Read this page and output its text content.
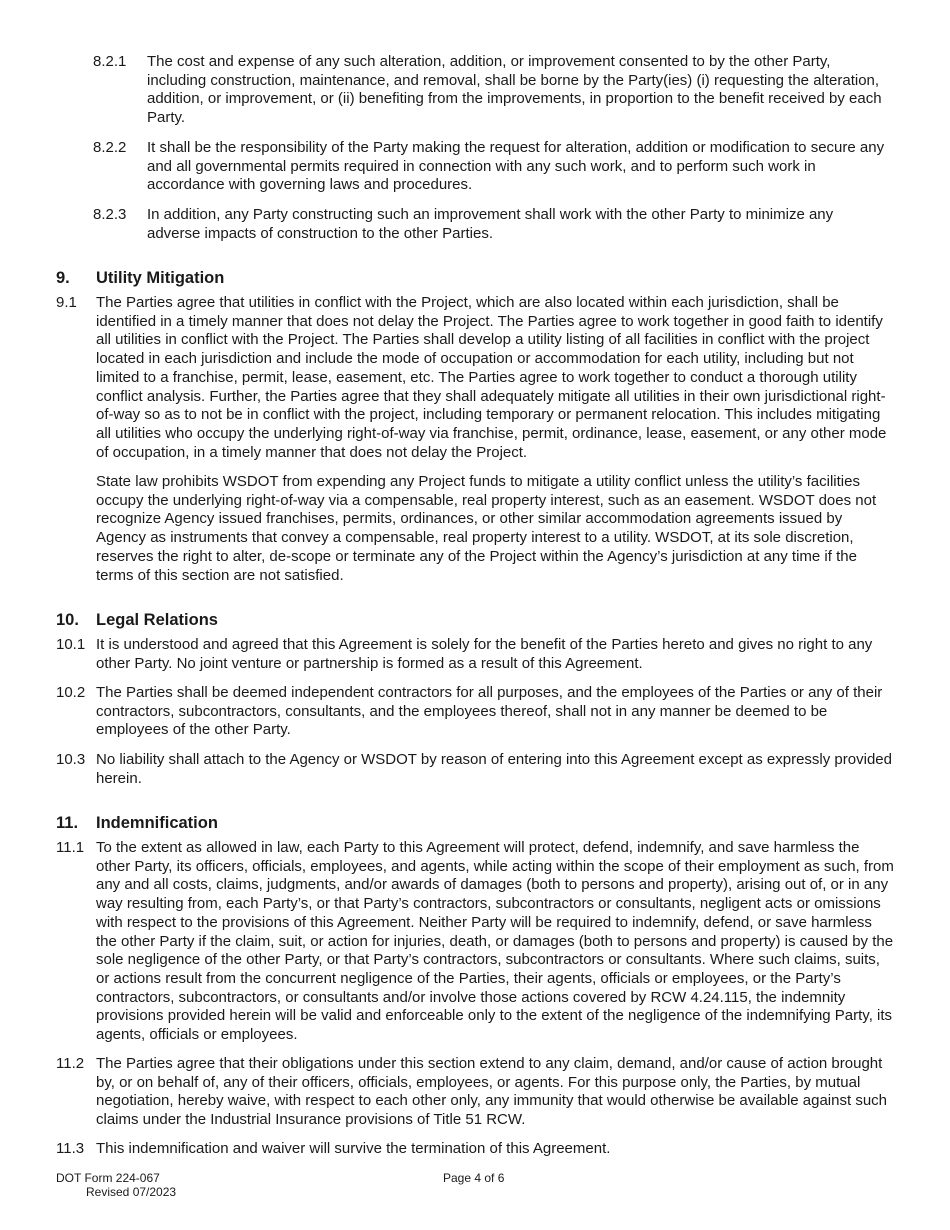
8.2.1 The cost and expense of any such alteration, addition, or improvement consented to by the other Party, including construction, maintenance, and removal, shall be borne by the Party(ies) (i) requesting the alteration, addition, or improvement, or (ii) benefiting from the improvements, in proportion to the benefit received by each Party.
8.2.2 It shall be the responsibility of the Party making the request for alteration, addition or modification to secure any and all governmental permits required in connection with any such work, and to perform such work in accordance with governing laws and procedures.
8.2.3 In addition, any Party constructing such an improvement shall work with the other Party to minimize any adverse impacts of construction to the other Parties.
9. Utility Mitigation
9.1 The Parties agree that utilities in conflict with the Project, which are also located within each jurisdiction, shall be identified in a timely manner that does not delay the Project. The Parties agree to work together in good faith to identify all utilities in conflict with the Project. The Parties shall develop a utility listing of all facilities in conflict with the project located in each jurisdiction and include the mode of occupation or accommodation for each utility, including but not limited to a franchise, permit, lease, easement, etc. The Parties agree to work together to conduct a thorough utility conflict analysis. Further, the Parties agree that they shall adequately mitigate all utilities in their own jurisdictional right-of-way so as to not be in conflict with the project, including temporary or permanent relocation. This includes mitigating all utilities who occupy the underlying right-of-way via franchise, permit, ordinance, lease, easement, or any other mode of occupation, in a timely manner that does not delay the Project.
State law prohibits WSDOT from expending any Project funds to mitigate a utility conflict unless the utility’s facilities occupy the underlying right-of-way via a compensable, real property interest, such as an easement. WSDOT does not recognize Agency issued franchises, permits, ordinances, or other similar accommodation agreements issued by Agency as instruments that convey a compensable, real property interest to a utility. WSDOT, at its sole discretion, reserves the right to alter, de-scope or terminate any of the Project within the Agency’s jurisdiction at any time if the terms of this section are not satisfied.
10. Legal Relations
10.1 It is understood and agreed that this Agreement is solely for the benefit of the Parties hereto and gives no right to any other Party. No joint venture or partnership is formed as a result of this Agreement.
10.2 The Parties shall be deemed independent contractors for all purposes, and the employees of the Parties or any of their contractors, subcontractors, consultants, and the employees thereof, shall not in any manner be deemed to be employees of the other Party.
10.3 No liability shall attach to the Agency or WSDOT by reason of entering into this Agreement except as expressly provided herein.
11. Indemnification
11.1 To the extent as allowed in law, each Party to this Agreement will protect, defend, indemnify, and save harmless the other Party, its officers, officials, employees, and agents, while acting within the scope of their employment as such, from any and all costs, claims, judgments, and/or awards of damages (both to persons and property), arising out of, or in any way resulting from, each Party’s, or that Party’s contractors, subcontractors or consultants, negligent acts or omissions with respect to the provisions of this Agreement. Neither Party will be required to indemnify, defend, or save harmless the other Party if the claim, suit, or action for injuries, death, or damages (both to persons and property) is caused by the sole negligence of the other Party, or that Party’s contractors, subcontractors or consultants. Where such claims, suits, or actions result from the concurrent negligence of the Parties, their agents, officials or employees, or the Party’s contractors, subcontractors, or consultants and/or involve those actions covered by RCW 4.24.115, the indemnity provisions provided herein will be valid and enforceable only to the extent of the negligence of the indemnifying Party, its agents, officials or employees.
11.2 The Parties agree that their obligations under this section extend to any claim, demand, and/or cause of action brought by, or on behalf of, any of their officers, officials, employees, or agents. For this purpose only, the Parties, by mutual negotiation, hereby waive, with respect to each other only, any immunity that would otherwise be available against such claims under the Industrial Insurance provisions of Title 51 RCW.
11.3 This indemnification and waiver will survive the termination of this Agreement.
DOT Form 224-067
Revised 07/2023
Page 4 of 6
